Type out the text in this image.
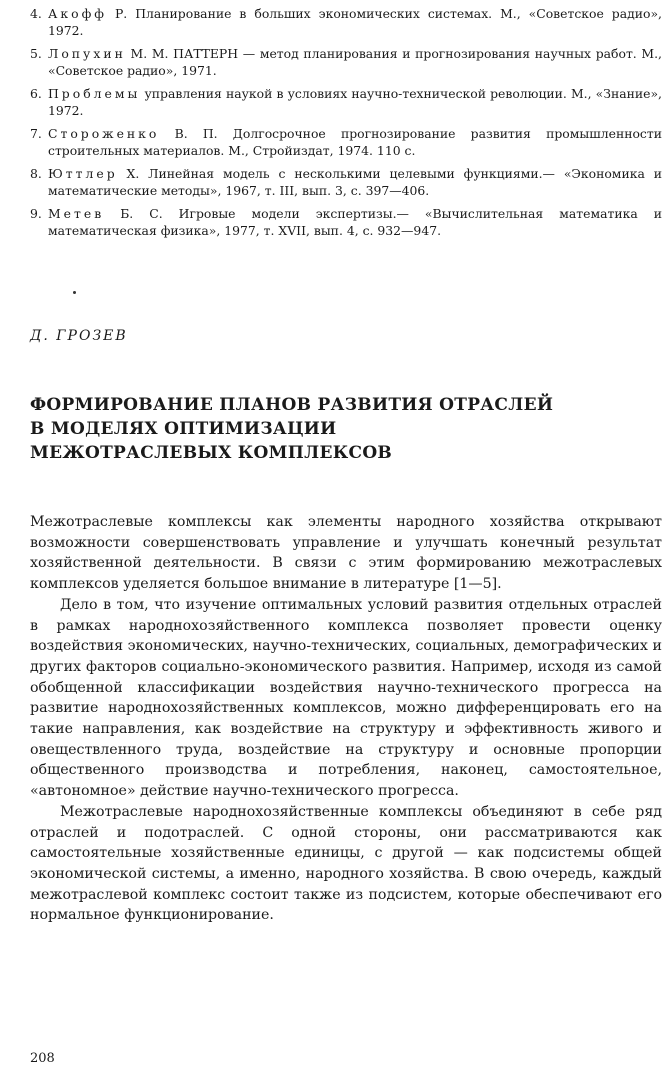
4. Акофф Р. Планирование в больших экономических системах. М., «Советское радио», 1972.
5. Лопухин М. М. ПАТТЕРН — метод планирования и прогнозирования научных работ. М., «Советское радио», 1971.
6. Проблемы управления наукой в условиях научно-технической революции. М., «Знание», 1972.
7. Стороженко В. П. Долгосрочное прогнозирование развития промышленности строительных материалов. М., Стройиздат, 1974. 110 с.
8. Юттлер Х. Линейная модель с несколькими целевыми функциями.— «Экономика и математические методы», 1967, т. III, вып. 3, с. 397—406.
9. Метев Б. С. Игровые модели экспертизы.— «Вычислительная математика и математическая физика», 1977, т. XVII, вып. 4, с. 932—947.
Д. ГРОЗЕВ
ФОРМИРОВАНИЕ ПЛАНОВ РАЗВИТИЯ ОТРАСЛЕЙ
В МОДЕЛЯХ ОПТИМИЗАЦИИ
МЕЖОТРАСЛЕВЫХ КОМПЛЕКСОВ

Межотраслевые комплексы как элементы народного хозяйства открывают возможности совершенствовать управление и улучшать конечный результат хозяйственной деятельности. В связи с этим формированию межотраслевых комплексов уделяется большое внимание в литературе [1—5].

Дело в том, что изучение оптимальных условий развития отдельных отраслей в рамках народнохозяйственного комплекса позволяет провести оценку воздействия экономических, научно-технических, социальных, демографических и других факторов социально-экономического развития. Например, исходя из самой обобщенной классификации воздействия научно-технического прогресса на развитие народнохозяйственных комплексов, можно дифференцировать его на такие направления, как воздействие на структуру и эффективность живого и овеществленного труда, воздействие на структуру и основные пропорции общественного производства и потребления, наконец, самостоятельное, «автономное» действие научно-технического прогресса.

Межотраслевые народнохозяйственные комплексы объединяют в себе ряд отраслей и подотраслей. С одной стороны, они рассматриваются как самостоятельные хозяйственные единицы, с другой — как подсистемы общей экономической системы, а именно, народного хозяйства. В свою очередь, каждый межотраслевой комплекс состоит также из подсистем, которые обеспечивают его нормальное функционирование.

208
